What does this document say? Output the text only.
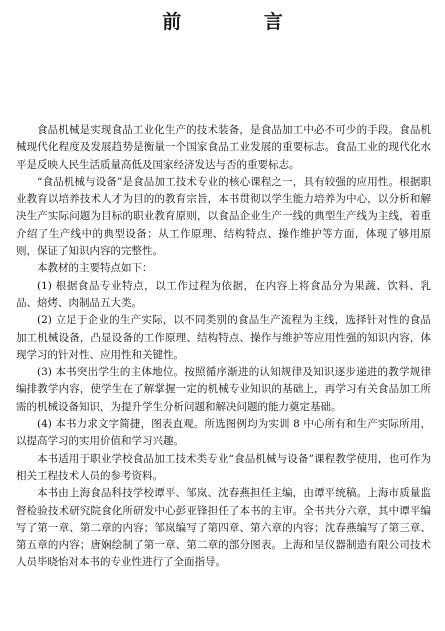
前 言

食品机械是实现食品工业化生产的技术装备，是食品加工中必不可少的手段。食品机械现代化程度及发展趋势是衡量一个国家食品工业发展的重要标志。食品工业的现代化水平是反映人民生活质量高低及国家经济发达与否的重要标志。

“食品机械与设备”是食品加工技术专业的核心课程之一，具有较强的应用性。根据职业教育以培养技术人才为目的的教育宗旨，本书贯彻以学生能力培养为中心，以分析和解决生产实际问题为目标的职业教育原则，以食品企业生产一线的典型生产线为主线，着重介绍了生产线中的典型设备；从工作原理、结构特点、操作维护等方面，体现了够用原则，保证了知识内容的完整性。

本教材的主要特点如下：

(1) 根据食品专业特点，以工作过程为依据，在内容上将食品分为果蔬、饮料、乳品、焙烤、肉制品五大类。

(2) 立足于企业的生产实际，以不同类别的食品生产流程为主线，选择针对性的食品加工机械设备，凸显设备的工作原理、结构特点、操作与维护等应用性强的知识内容，体现学习的针对性、应用性和关键性。

(3) 本书突出学生的主体地位。按照循序渐进的认知规律及知识逐步递进的教学规律编排教学内容，使学生在了解掌握一定的机械专业知识的基础上，再学习有关食品加工所需的机械设备知识，为提升学生分析问题和解决问题的能力奠定基础。

(4) 本书力求文字简捷，图表直观。所选图例均为实训 8 中心所有和生产实际所用，以提高学习的实用价值和学习兴趣。

本书适用于职业学校食品加工技术类专业“食品机械与设备”课程教学使用，也可作为相关工程技术人员的参考资料。

本书由上海食品科技学校谭平、邹岚、沈春燕担任主编，由谭平统稿。上海市质量监督检验技术研究院食化所研发中心彭亚锋担任了本书的主审。全书共分六章，其中谭平编写了第一章、第二章的内容；邹岚编写了第四章、第六章的内容；沈春燕编写了第三章、第五章的内容；唐娴绘制了第一章、第二章的部分图表。上海和呈仪器制造有限公司技术人员毕晓怡对本书的专业性进行了全面指导。
